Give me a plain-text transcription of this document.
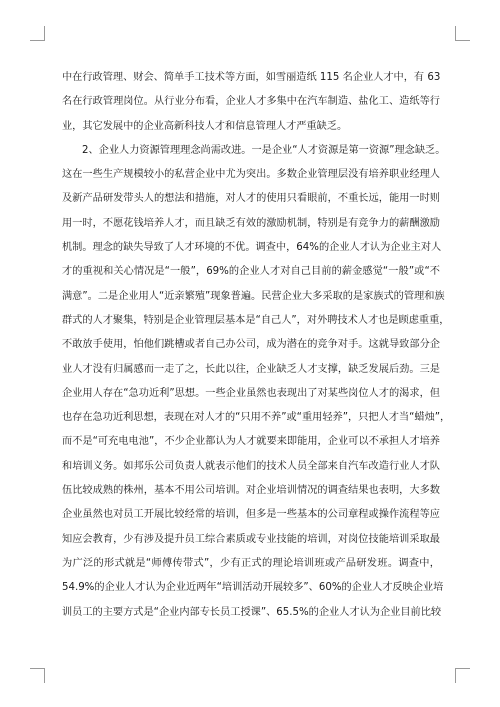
中在行政管理、财会、简单手工技术等方面，如雪丽造纸 115 名企业人才中，有 63
名在行政管理岗位。从行业分布看，企业人才多集中在汽车制造、盐化工、造纸等行
业，其它发展中的企业高新科技人才和信息管理人才严重缺乏。
2、企业人力资源管理理念尚需改进。一是企业“人才资源是第一资源”理念缺乏。
这在一些生产规模较小的私营企业中尤为突出。多数企业管理层没有培养职业经理人
及新产品研发带头人的想法和措施，对人才的使用只看眼前，不重长远，能用一时则
用一时，不愿花钱培养人才，而且缺乏有效的激励机制，特别是有竞争力的薪酬激励
机制。理念的缺失导致了人才环境的不优。调查中，64%的企业人才认为企业主对人
才的重视和关心情况是“一般”，69%的企业人才对自己目前的薪金感觉“一般”或“不
满意”。二是企业用人“近亲繁殖”现象普遍。民营企业大多采取的是家族式的管理和族
群式的人才聚集，特别是企业管理层基本是“自己人”，对外聘技术人才也是顾虑重重，
不敢放手使用，怕他们跳槽或者自己办公司，成为潜在的竞争对手。这就导致部分企
业人才没有归属感而一走了之，长此以往，企业缺乏人才支撑，缺乏发展后劲。三是
企业用人存在“急功近利”思想。一些企业虽然也表现出了对某些岗位人才的渴求，但
也存在急功近利思想，表现在对人才的“只用不养”或“重用轻养”，只把人才当“蜡烛”，
而不是“可充电电池”，不少企业都认为人才就要来即能用，企业可以不承担人才培养
和培训义务。如邦乐公司负责人就表示他们的技术人员全部来自汽车改造行业人才队
伍比较成熟的株州，基本不用公司培训。对企业培训情况的调查结果也表明，大多数
企业虽然也对员工开展比较经常的培训，但多是一些基本的公司章程或操作流程等应
知应会教育，少有涉及提升员工综合素质或专业技能的培训，对岗位技能培训采取最
为广泛的形式就是“师傅传带式”，少有正式的理论培训班或产品研发班。调查中，
54.9%的企业人才认为企业近两年“培训活动开展较多”、60%的企业人才反映企业培
训员工的主要方式是“企业内部专长员工授课”、65.5%的企业人才认为企业目前比较
